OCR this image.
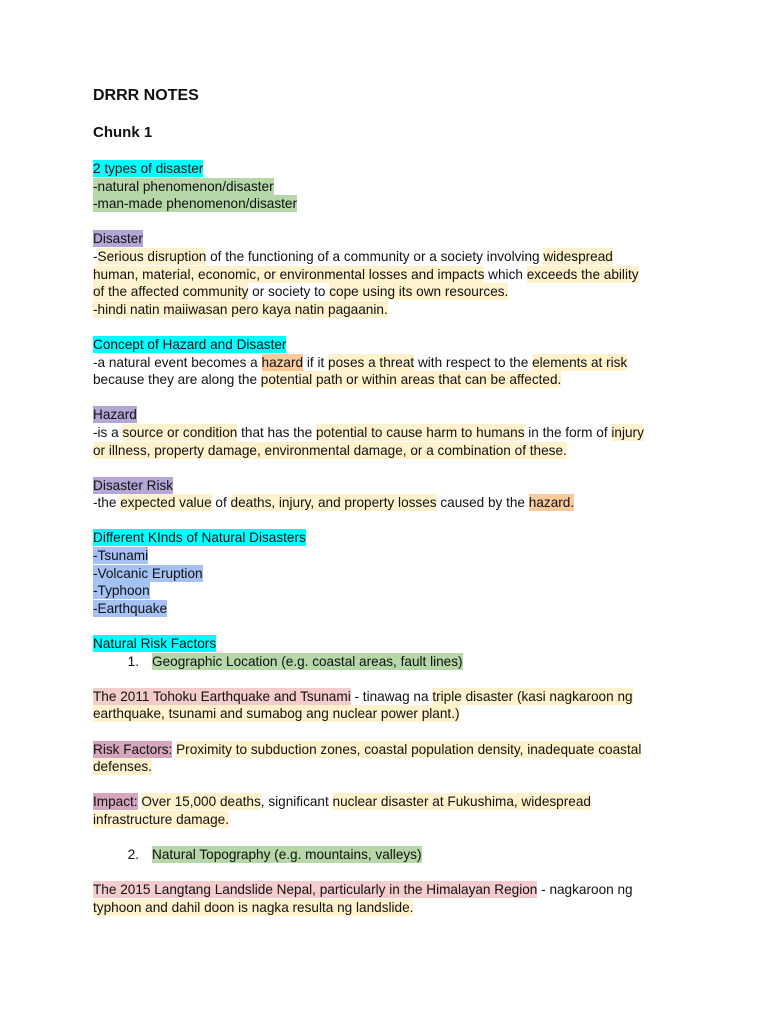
DRRR NOTES
Chunk 1
2 types of disaster
-natural phenomenon/disaster
-man-made phenomenon/disaster
Disaster
-Serious disruption of the functioning of a community or a society involving widespread
human, material, economic, or environmental losses and impacts which exceeds the ability
of the affected community or society to cope using its own resources.
-hindi natin maiiwasan pero kaya natin pagaanin.
Concept of Hazard and Disaster
-a natural event becomes a hazard if it poses a threat with respect to the elements at risk
because they are along the potential path or within areas that can be affected.
Hazard
-is a source or condition that has the potential to cause harm to humans in the form of injury
or illness, property damage, environmental damage, or a combination of these.
Disaster Risk
-the expected value of deaths, injury, and property losses caused by the hazard.
Different KInds of Natural Disasters
-Tsunami
-Volcanic Eruption
-Typhoon
-Earthquake
Natural Risk Factors
1. Geographic Location (e.g. coastal areas, fault lines)
The 2011 Tohoku Earthquake and Tsunami - tinawag na triple disaster (kasi nagkaroon ng
earthquake, tsunami and sumabog ang nuclear power plant.)
Risk Factors: Proximity to subduction zones, coastal population density, inadequate coastal
defenses.
Impact: Over 15,000 deaths, significant nuclear disaster at Fukushima, widespread
infrastructure damage.
2. Natural Topography (e.g. mountains, valleys)
The 2015 Langtang Landslide Nepal, particularly in the Himalayan Region - nagkaroon ng
typhoon and dahil doon is nagka resulta ng landslide.
